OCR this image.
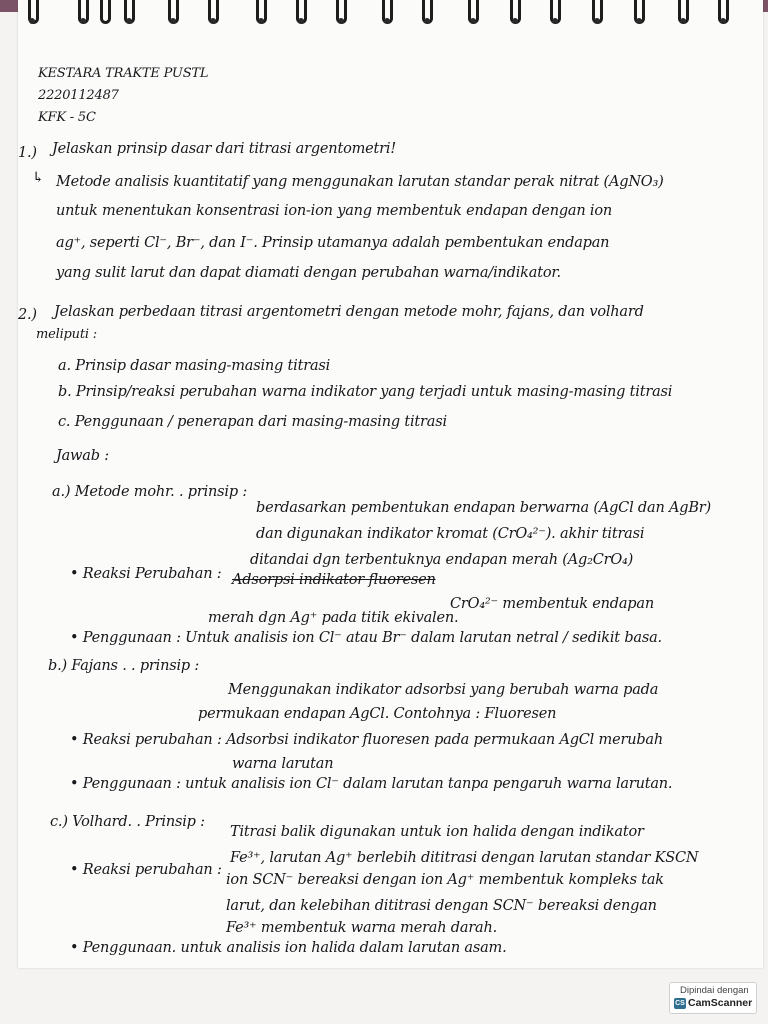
KESTARA TRAKTE PUSTL
2220112487
KFK - 5C
1.) Jelaskan prinsip dasar dari titrasi argentometri!
↳ Metode analisis kuantitatif yang menggunakan larutan standar perak nitrat (AgNO₃)
untuk menentukan konsentrasi ion-ion yang membentuk endapan dengan ion
ag⁺, seperti Cl⁻, Br⁻, dan I⁻. Prinsip utamanya adalah pembentukan endapan
yang sulit larut dan dapat diamati dengan perubahan warna/indikator.
2.) Jelaskan perbedaan titrasi argentometri dengan metode mohr, fajans, dan volhard
meliputi :
a. Prinsip dasar masing-masing titrasi
b. Prinsip/reaksi perubahan warna indikator yang terjadi untuk masing-masing titrasi
c. Penggunaan / penerapan dari masing-masing titrasi
Jawab :
a.) Metode mohr. . prinsip :
berdasarkan pembentukan endapan berwarna (AgCl dan AgBr)
dan digunakan indikator kromat (CrO₄²⁻). akhir titrasi
ditandai dgn terbentuknya endapan merah (Ag₂CrO₄)
• Reaksi Perubahan : Adsorpsi indikator fluoresen
CrO₄²⁻ membentuk endapan
merah dgn Ag⁺ pada titik ekivalen.
• Penggunaan : Untuk analisis ion Cl⁻ atau Br⁻ dalam larutan netral / sedikit basa.
b.) Fajans . . prinsip :
Menggunakan indikator adsorbsi yang berubah warna pada
permukaan endapan AgCl. Contohnya : Fluoresen
• Reaksi perubahan : Adsorbsi indikator fluoresen pada permukaan AgCl merubah
warna larutan
• Penggunaan : untuk analisis ion Cl⁻ dalam larutan tanpa pengaruh warna larutan.
c.) Volhard. . Prinsip :
Titrasi balik digunakan untuk ion halida dengan indikator
Fe³⁺, larutan Ag⁺ berlebih dititrasi dengan larutan standar KSCN
• Reaksi perubahan :
ion SCN⁻ bereaksi dengan ion Ag⁺ membentuk kompleks tak
larut, dan kelebihan dititrasi dengan SCN⁻ bereaksi dengan
Fe³⁺ membentuk warna merah darah.
• Penggunaan. untuk analisis ion halida dalam larutan asam.
Dipindai dengan
CS CamScanner
